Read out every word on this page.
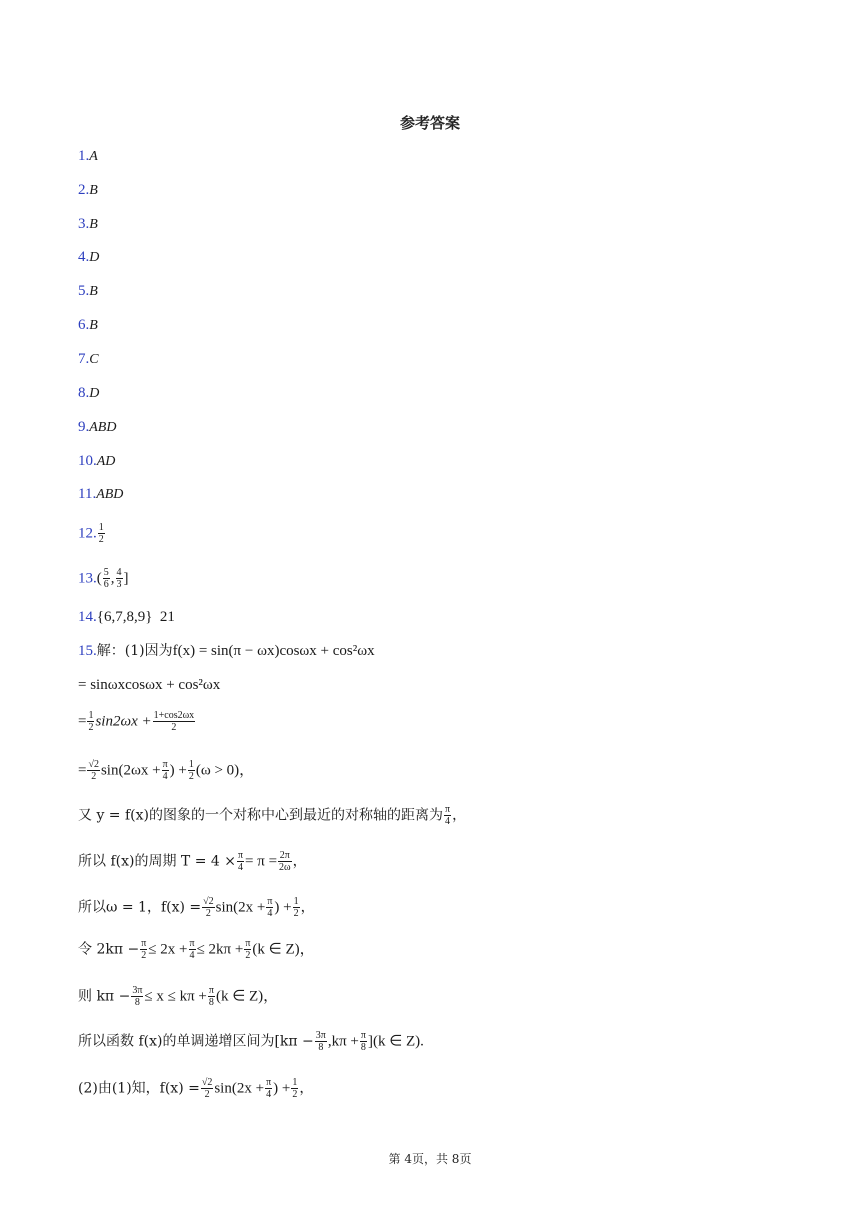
参考答案
1.A
2.B
3.B
4.D
5.B
6.B
7.C
8.D
9.ABD
10.AD
11.ABD
12. $\frac{1}{2}$
$13.( \frac{5}{6}$ , $\frac{4}{3}$ ]
14.{6,7,8,9}  21
15.解：(1)因为f(x) = sin(π − ωx)cosωx + cos²ωx
= sinωxcosωx + cos²ωx
= $\frac{1}{2} \sin 2\omega x + \frac{1+\cos 2\omega x}{2}$
= $\frac{√2}{2} \sin(2\omega x + \frac{\pi}{4}$ ) + $\frac{1}{2} (\omega > 0)$，
又 y = f(x)的图象的一个对称中心到最近的对称轴的距离为 $\frac{\pi}{4}$ ，
所以 f(x)的周期 $T = 4 \times \frac{\pi}{4} = \pi = \frac{2\pi}{2\omega}$ ，
所以ω = 1，$f(x) = \frac{√2}{2} \sin(2x + \frac{\pi}{4}$ ) + $\frac{1}{2}$ ，
令 $2k\pi - \frac{\pi}{2} \le 2x + \frac{\pi}{4} \le 2k\pi + \frac{\pi}{2} (k$ ∈ Z)，
则 $k\pi - \frac{3\pi}{8} \le x \le k\pi + \frac{\pi}{8} (k$ ∈ Z)，
所以函数 f(x)的单调递增区间为$[k\pi - \frac{3\pi}{8} ,k\pi + \frac{\pi}{8} ](k$ ∈ Z).
(2)由(1)知，$f(x) = \frac{√2}{2} \sin(2x + \frac{\pi}{4}$ ) + $\frac{1}{2}$ ，
第 4页，共 8页
